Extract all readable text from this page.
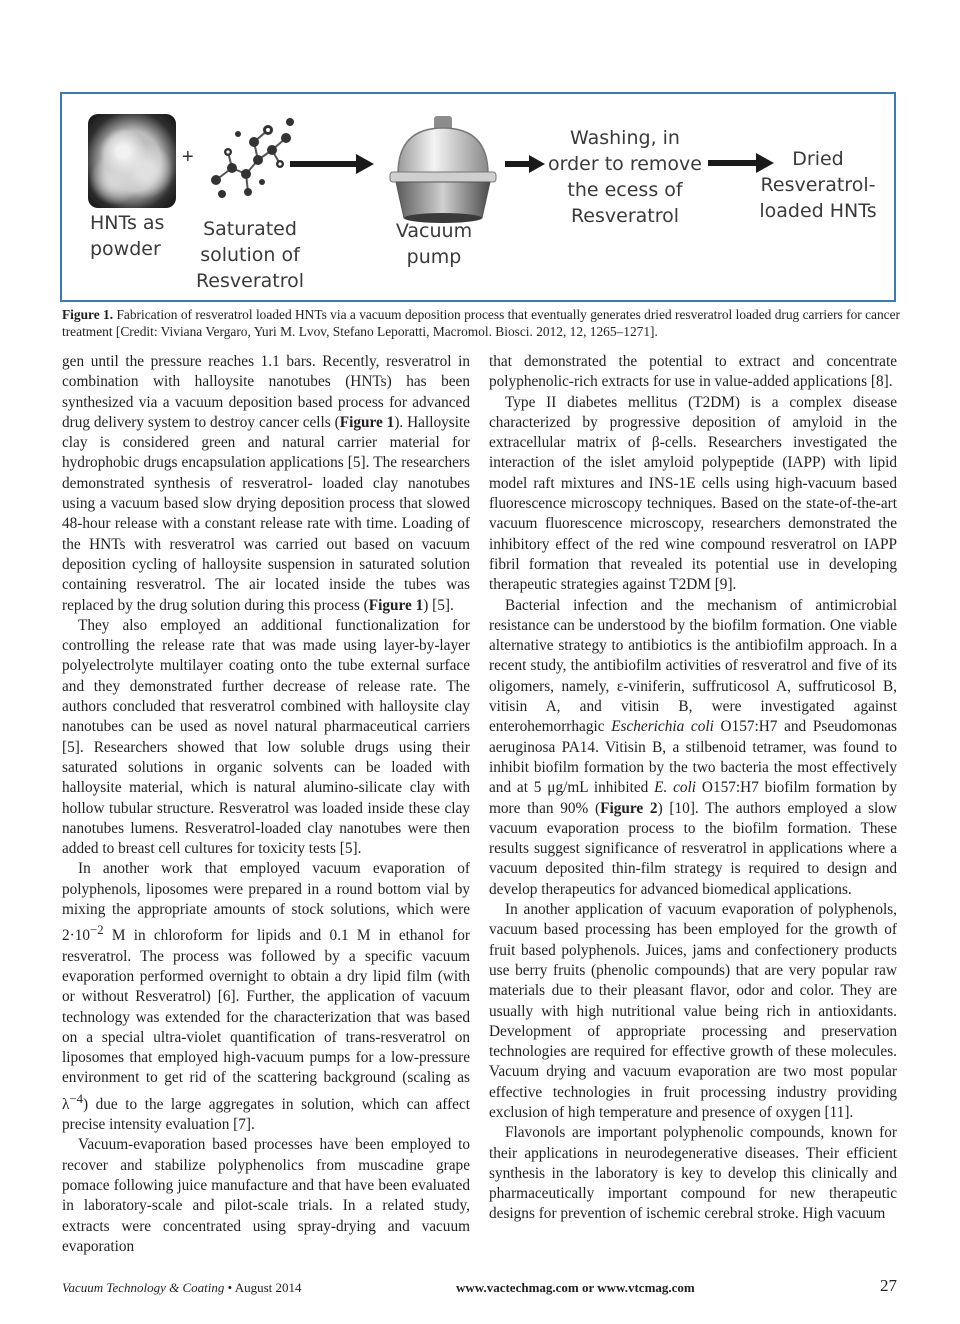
+
HNTs as
powder
Saturated
solution of
Resveratrol
Vacuum
pump
Washing, in
order to remove
the ecess of
Resveratrol
Dried
Resveratrol-
loaded HNTs
Figure 1. Fabrication of resveratrol loaded HNTs via a vacuum deposition process that eventually generates dried resveratrol loaded drug carriers for cancer treatment [Credit: Viviana Vergaro, Yuri M. Lvov, Stefano Leporatti, Macromol. Biosci. 2012, 12, 1265–1271].

gen until the pressure reaches 1.1 bars. Recently, resveratrol in combination with halloysite nanotubes (HNTs) has been synthesized via a vacuum deposition based process for advanced drug delivery system to destroy cancer cells (Figure 1). Halloysite clay is considered green and natural carrier material for hydrophobic drugs encapsulation applications [5]. The researchers demonstrated synthesis of resveratrol- loaded clay nanotubes using a vacuum based slow drying deposition process that slowed 48-hour release with a constant release rate with time. Loading of the HNTs with resveratrol was carried out based on vacuum deposition cycling of halloysite suspension in saturated solution containing resveratrol. The air located inside the tubes was replaced by the drug solution during this process (Figure 1) [5].

They also employed an additional functionalization for controlling the release rate that was made using layer-by-layer polyelectrolyte multilayer coating onto the tube external surface and they demonstrated further decrease of release rate. The authors concluded that resveratrol combined with halloysite clay nanotubes can be used as novel natural pharmaceutical carriers [5]. Researchers showed that low soluble drugs using their saturated solutions in organic solvents can be loaded with halloysite material, which is natural alumino-silicate clay with hollow tubular structure. Resveratrol was loaded inside these clay nanotubes lumens. Resveratrol-loaded clay nanotubes were then added to breast cell cultures for toxicity tests [5].

In another work that employed vacuum evaporation of polyphenols, liposomes were prepared in a round bottom vial by mixing the appropriate amounts of stock solutions, which were $2\cdot 10^{-2}$ M in chloroform for lipids and 0.1 M in ethanol for resveratrol. The process was followed by a specific vacuum evaporation performed overnight to obtain a dry lipid film (with or without Resveratrol) [6]. Further, the application of vacuum technology was extended for the characterization that was based on a special ultra-violet quantification of trans-resveratrol on liposomes that employed high-vacuum pumps for a low-pressure environment to get rid of the scattering background (scaling as $\lambda^{-4}$) due to the large aggregates in solution, which can affect precise intensity evaluation [7].

Vacuum-evaporation based processes have been employed to recover and stabilize polyphenolics from muscadine grape pomace following juice manufacture and that have been evaluated in laboratory-scale and pilot-scale trials. In a related study, extracts were concentrated using spray-drying and vacuum evaporation

that demonstrated the potential to extract and concentrate polyphenolic-rich extracts for use in value-added applications [8].

Type II diabetes mellitus (T2DM) is a complex disease characterized by progressive deposition of amyloid in the extracellular matrix of β-cells. Researchers investigated the interaction of the islet amyloid polypeptide (IAPP) with lipid model raft mixtures and INS-1E cells using high-vacuum based fluorescence microscopy techniques. Based on the state-of-the-art vacuum fluorescence microscopy, researchers demonstrated the inhibitory effect of the red wine compound resveratrol on IAPP fibril formation that revealed its potential use in developing therapeutic strategies against T2DM [9].

Bacterial infection and the mechanism of antimicrobial resistance can be understood by the biofilm formation. One viable alternative strategy to antibiotics is the antibiofilm approach. In a recent study, the antibiofilm activities of resveratrol and five of its oligomers, namely, ε-viniferin, suffruticosol A, suffruticosol B, vitisin A, and vitisin B, were investigated against enterohemorrhagic Escherichia coli O157:H7 and Pseudomonas aeruginosa PA14. Vitisin B, a stilbenoid tetramer, was found to inhibit biofilm formation by the two bacteria the most effectively and at 5 μg/mL inhibited E. coli O157:H7 biofilm formation by more than 90% (Figure 2) [10]. The authors employed a slow vacuum evaporation process to the biofilm formation. These results suggest significance of resveratrol in applications where a vacuum deposited thin-film strategy is required to design and develop therapeutics for advanced biomedical applications.

In another application of vacuum evaporation of polyphenols, vacuum based processing has been employed for the growth of fruit based polyphenols. Juices, jams and confectionery products use berry fruits (phenolic compounds) that are very popular raw materials due to their pleasant flavor, odor and color. They are usually with high nutritional value being rich in antioxidants. Development of appropriate processing and preservation technologies are required for effective growth of these molecules. Vacuum drying and vacuum evaporation are two most popular effective technologies in fruit processing industry providing exclusion of high temperature and presence of oxygen [11].

Flavonols are important polyphenolic compounds, known for their applications in neurodegenerative diseases. Their efficient synthesis in the laboratory is key to develop this clinically and pharmaceutically important compound for new therapeutic designs for prevention of ischemic cerebral stroke. High vacuum

Vacuum Technology & Coating • August 2014	www.vactechmag.com or www.vtcmag.com	27
